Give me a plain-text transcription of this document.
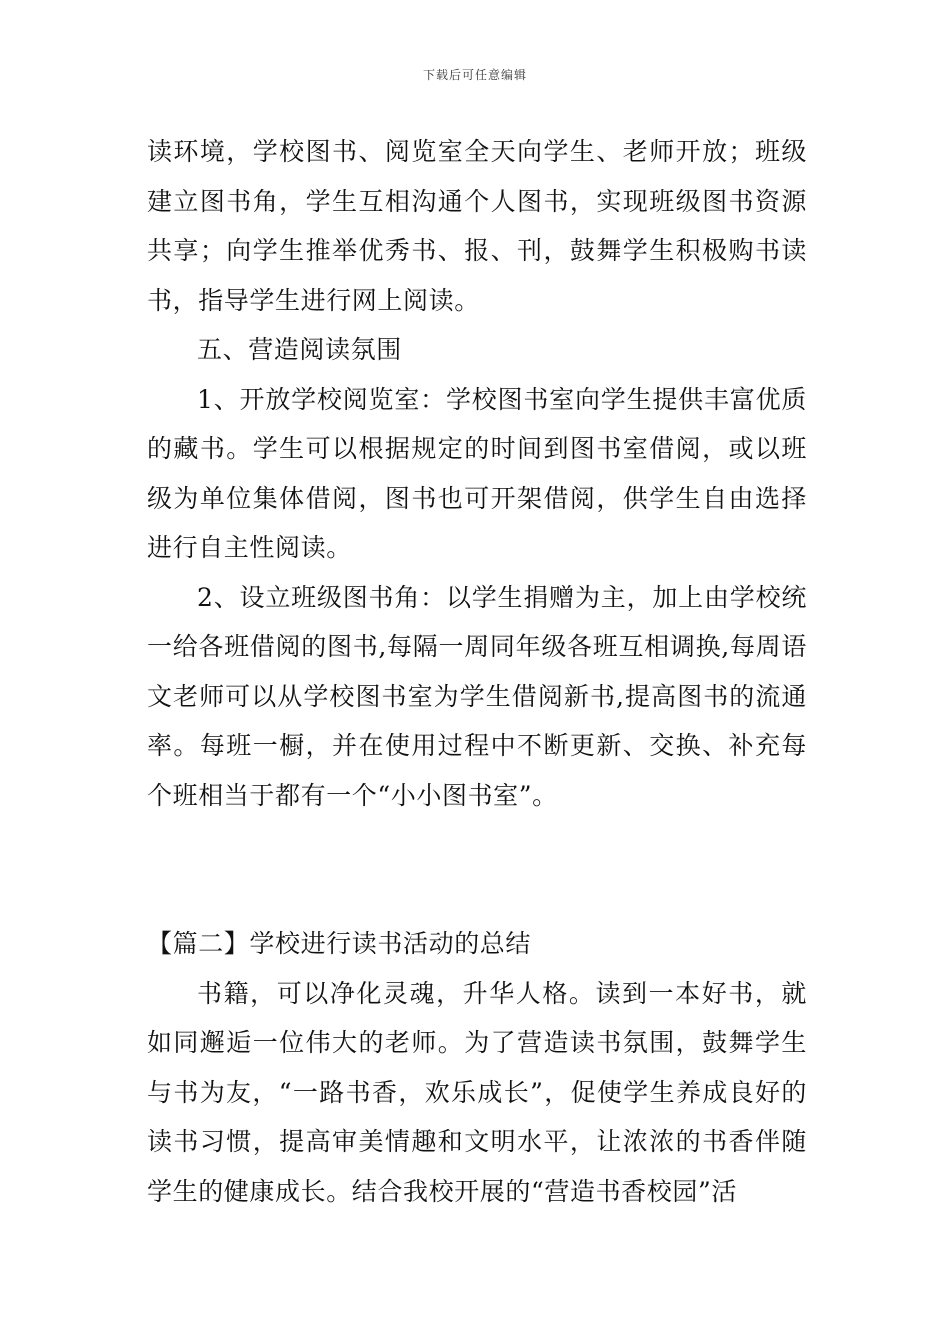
下载后可任意编辑

读环境，学校图书、阅览室全天向学生、老师开放；班级建立图书角，学生互相沟通个人图书，实现班级图书资源共享；向学生推举优秀书、报、刊，鼓舞学生积极购书读书，指导学生进行网上阅读。

五、营造阅读氛围

1、开放学校阅览室：学校图书室向学生提供丰富优质的藏书。学生可以根据规定的时间到图书室借阅，或以班级为单位集体借阅，图书也可开架借阅，供学生自由选择进行自主性阅读。

2、设立班级图书角：以学生捐赠为主，加上由学校统一给各班借阅的图书,每隔一周同年级各班互相调换,每周语文老师可以从学校图书室为学生借阅新书,提高图书的流通率。每班一橱，并在使用过程中不断更新、交换、补充每个班相当于都有一个“小小图书室”。

【篇二】学校进行读书活动的总结

书籍，可以净化灵魂，升华人格。读到一本好书，就如同邂逅一位伟大的老师。为了营造读书氛围，鼓舞学生与书为友，“一路书香，欢乐成长”，促使学生养成良好的读书习惯，提高审美情趣和文明水平，让浓浓的书香伴随学生的健康成长。结合我校开展的“营造书香校园”活
